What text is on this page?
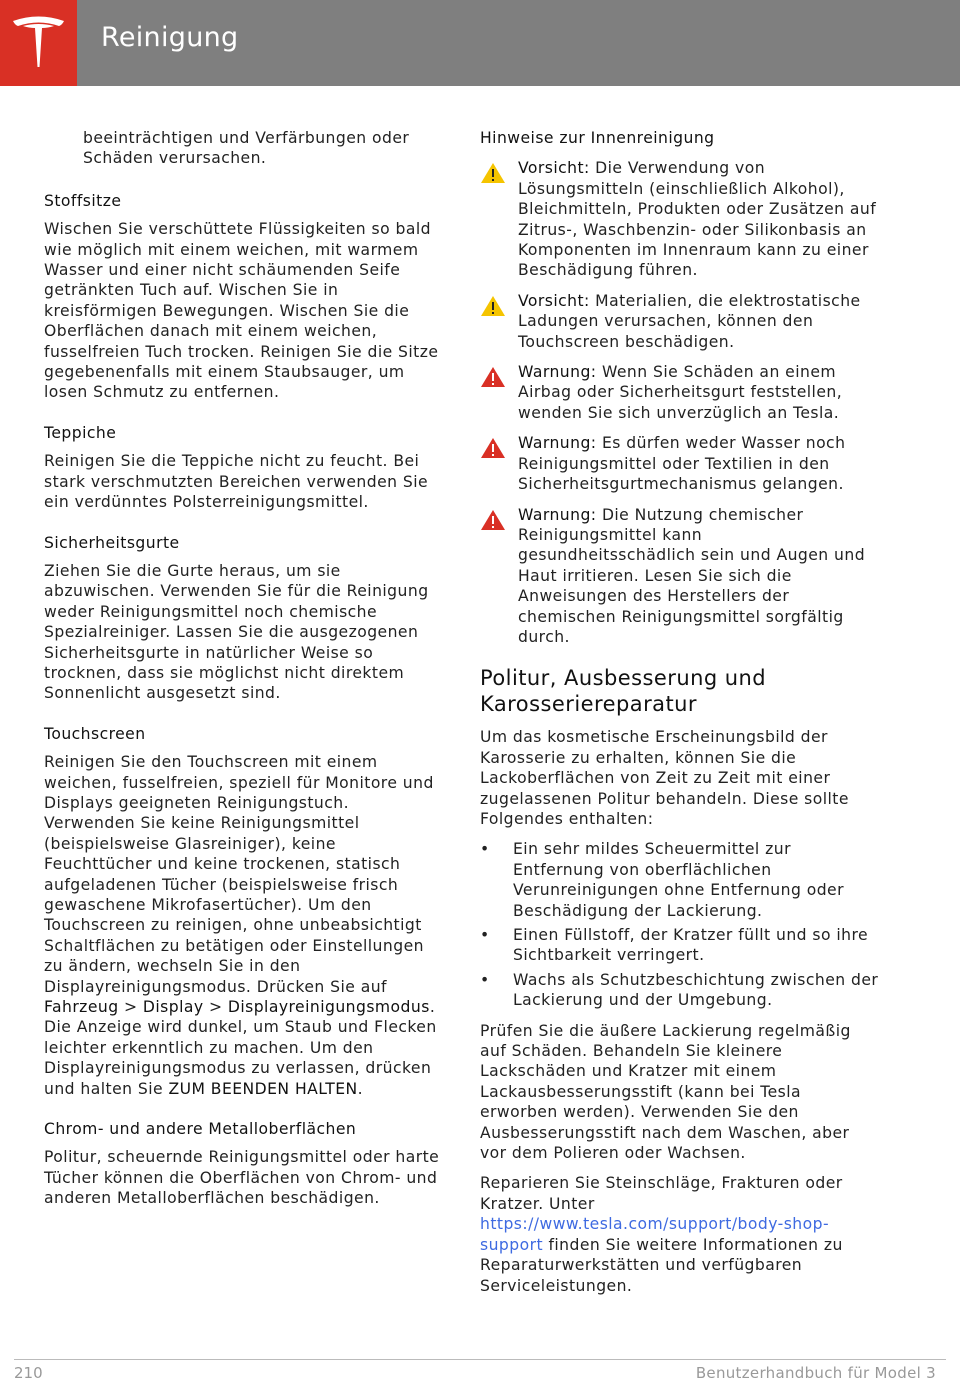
Reinigung

beeinträchtigen und Verfärbungen oder Schäden verursachen.

Stoffsitze

Wischen Sie verschüttete Flüssigkeiten so bald wie möglich mit einem weichen, mit warmem Wasser und einer nicht schäumenden Seife getränkten Tuch auf. Wischen Sie in kreisförmigen Bewegungen. Wischen Sie die Oberflächen danach mit einem weichen, fusselfreien Tuch trocken. Reinigen Sie die Sitze gegebenenfalls mit einem Staubsauger, um losen Schmutz zu entfernen.

Teppiche

Reinigen Sie die Teppiche nicht zu feucht. Bei stark verschmutzten Bereichen verwenden Sie ein verdünntes Polsterreinigungsmittel.

Sicherheitsgurte

Ziehen Sie die Gurte heraus, um sie abzuwischen. Verwenden Sie für die Reinigung weder Reinigungsmittel noch chemische Spezialreiniger. Lassen Sie die ausgezogenen Sicherheitsgurte in natürlicher Weise so trocknen, dass sie möglichst nicht direktem Sonnenlicht ausgesetzt sind.

Touchscreen

Reinigen Sie den Touchscreen mit einem weichen, fusselfreien, speziell für Monitore und Displays geeigneten Reinigungstuch. Verwenden Sie keine Reinigungsmittel (beispielsweise Glasreiniger), keine Feuchttücher und keine trockenen, statisch aufgeladenen Tücher (beispielsweise frisch gewaschene Mikrofasertücher). Um den Touchscreen zu reinigen, ohne unbeabsichtigt Schaltflächen zu betätigen oder Einstellungen zu ändern, wechseln Sie in den Displayreinigungsmodus. Drücken Sie auf Fahrzeug > Display > Displayreinigungsmodus. Die Anzeige wird dunkel, um Staub und Flecken leichter erkenntlich zu machen. Um den Displayreinigungsmodus zu verlassen, drücken und halten Sie ZUM BEENDEN HALTEN.

Chrom- und andere Metalloberflächen

Politur, scheuernde Reinigungsmittel oder harte Tücher können die Oberflächen von Chrom- und anderen Metalloberflächen beschädigen.

Hinweise zur Innenreinigung
Vorsicht: Die Verwendung von Lösungsmitteln (einschließlich Alkohol), Bleichmitteln, Produkten oder Zusätzen auf Zitrus-, Waschbenzin- oder Silikonbasis an Komponenten im Innenraum kann zu einer Beschädigung führen.
Vorsicht: Materialien, die elektrostatische Ladungen verursachen, können den Touchscreen beschädigen.
Warnung: Wenn Sie Schäden an einem Airbag oder Sicherheitsgurt feststellen, wenden Sie sich unverzüglich an Tesla.
Warnung: Es dürfen weder Wasser noch Reinigungsmittel oder Textilien in den Sicherheitsgurtmechanismus gelangen.
Warnung: Die Nutzung chemischer Reinigungsmittel kann gesundheitsschädlich sein und Augen und Haut irritieren. Lesen Sie sich die Anweisungen des Herstellers der chemischen Reinigungsmittel sorgfältig durch.
Politur, Ausbesserung und Karosseriereparatur

Um das kosmetische Erscheinungsbild der Karosserie zu erhalten, können Sie die Lackoberflächen von Zeit zu Zeit mit einer zugelassenen Politur behandeln. Diese sollte Folgendes enthalten:

• Ein sehr mildes Scheuermittel zur Entfernung von oberflächlichen Verunreinigungen ohne Entfernung oder Beschädigung der Lackierung.
• Einen Füllstoff, der Kratzer füllt und so ihre Sichtbarkeit verringert.
• Wachs als Schutzbeschichtung zwischen der Lackierung und der Umgebung.

Prüfen Sie die äußere Lackierung regelmäßig auf Schäden. Behandeln Sie kleinere Lackschäden und Kratzer mit einem Lackausbesserungsstift (kann bei Tesla erworben werden). Verwenden Sie den Ausbesserungsstift nach dem Waschen, aber vor dem Polieren oder Wachsen.

Reparieren Sie Steinschläge, Frakturen oder Kratzer. Unter https://www.tesla.com/support/body-shop-support finden Sie weitere Informationen zu Reparaturwerkstätten und verfügbaren Serviceleistungen.

210	Benutzerhandbuch für Model 3
